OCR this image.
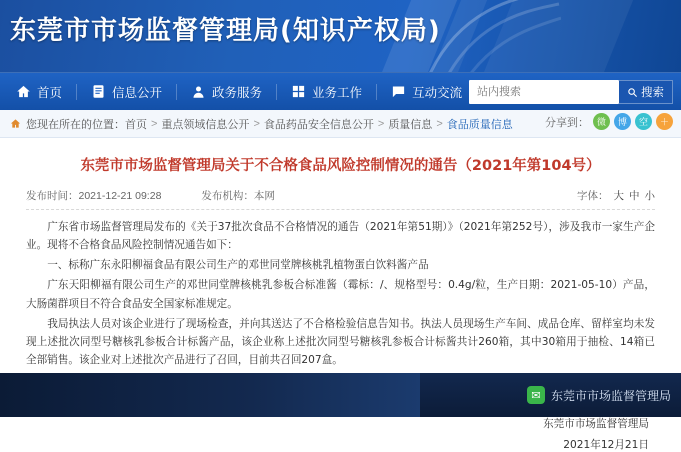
东莞市市场监督管理局(知识产权局)
首页	信息公开	政务服务	业务工作	互动交流
站内搜索	搜索
您现在所在的位置： 首页 > 重点领域信息公开 > 食品药品安全信息公开 > 质量信息 > 食品质量信息	分享到： 微	博	空	＋
东莞市市场监督管理局关于不合格食品风险控制情况的通告（2021年第104号）
发布时间：2021-12-21 09:28	发布机构：本网	字体： 大 中 小

广东省市场监督管理局发布的《关于37批次食品不合格情况的通告（2021年第51期）》（2021年第252号），涉及我市一家生产企业。现将不合格食品风险控制情况通告如下：

一、标称广东永阳柳福食品有限公司生产的邓世同堂牌核桃乳植物蛋白饮料酱产品

广东天阳柳福有限公司生产的邓世同堂牌核桃乳参板合标准酱（霉标：/、规格型号：0.4g/粒，生产日期：2021-05-10）产品，大肠菌群项目不符合食品安全国家标准规定。

我局执法人员对该企业进行了现场检查，并向其送达了不合格检验信息告知书。执法人员现场生产车间、成品仓库、留样室均未发现上述批次同型号糖核乳参板合计标酱产品，该企业称上述批次同型号糖核乳参板合计标酱共计260箱，其中30箱用于抽检、14箱已全部销售。该企业对上述批次产品进行了召回，目前共召回207盒。

东莞市市场监督管理局
2021年12月21日
✉ 东莞市市场监督管理局
